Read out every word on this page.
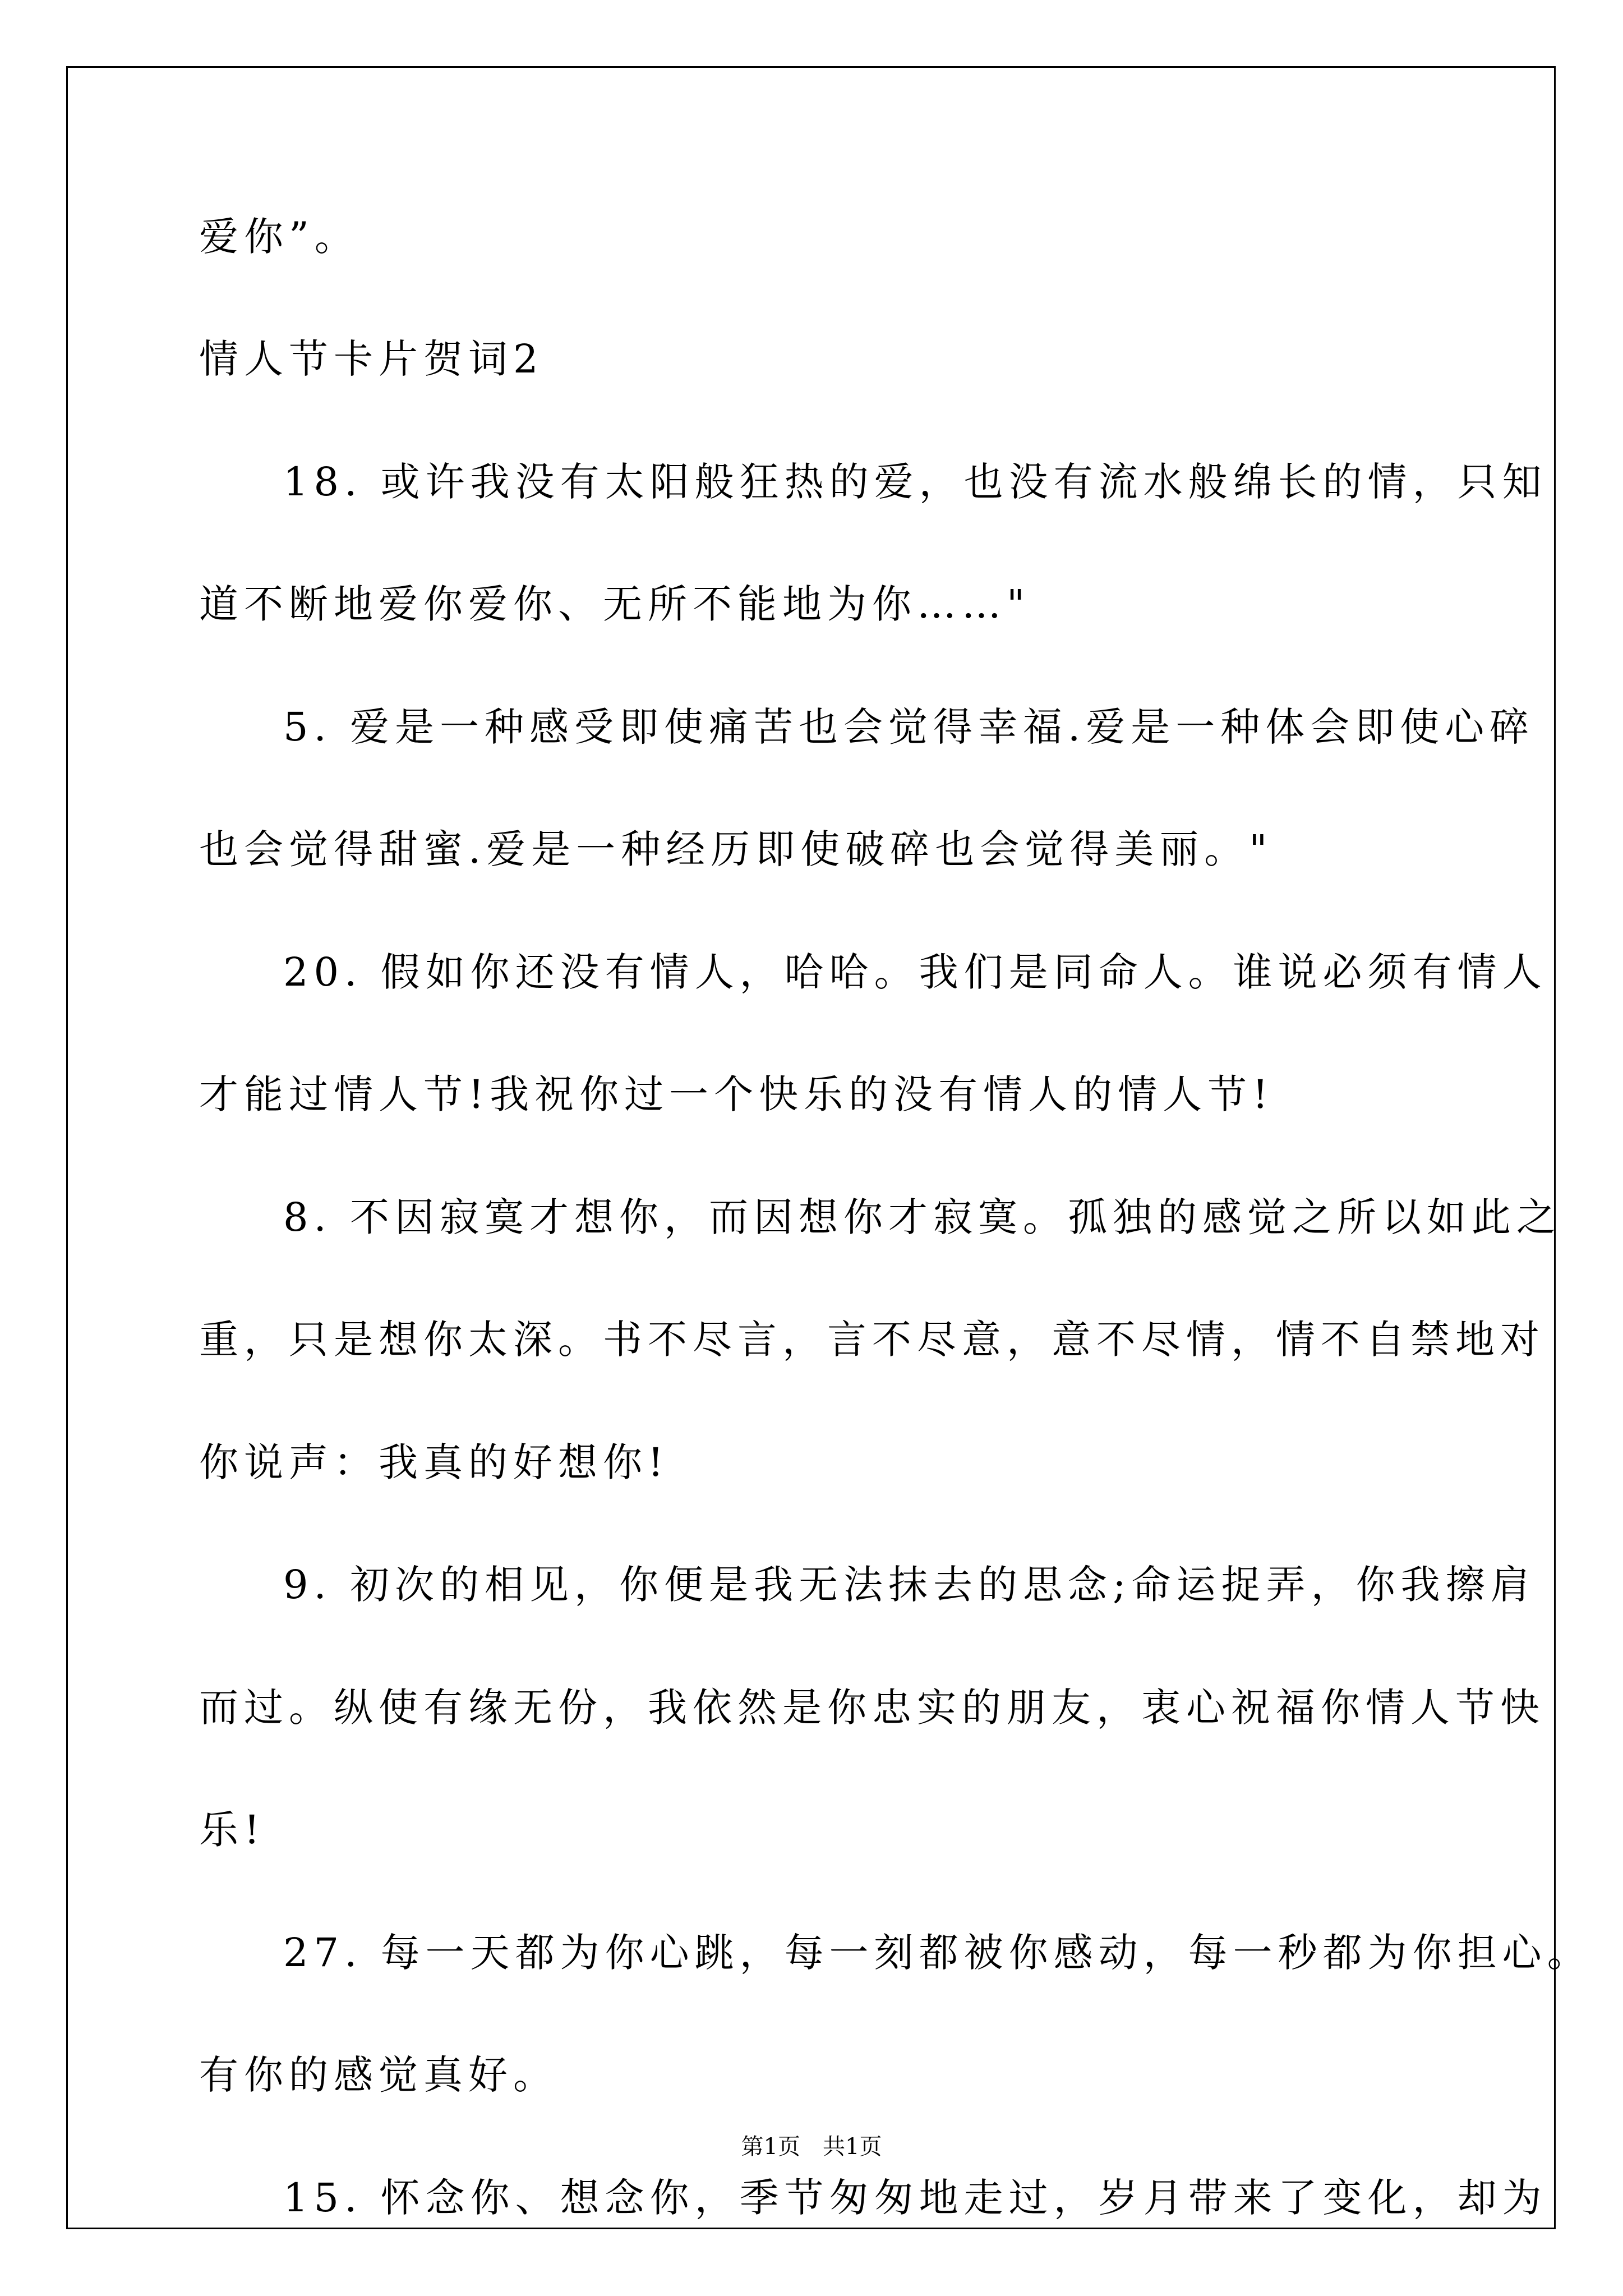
爱你”。
情人节卡片贺词2
18. 或许我没有太阳般狂热的爱，也没有流水般绵长的情，只知
道不断地爱你爱你、无所不能地为你……"
5. 爱是一种感受即使痛苦也会觉得幸福.爱是一种体会即使心碎
也会觉得甜蜜.爱是一种经历即使破碎也会觉得美丽。"
20. 假如你还没有情人，哈哈。我们是同命人。谁说必须有情人
才能过情人节!我祝你过一个快乐的没有情人的情人节!
8. 不因寂寞才想你，而因想你才寂寞。孤独的感觉之所以如此之
重，只是想你太深。书不尽言，言不尽意，意不尽情，情不自禁地对
你说声：我真的好想你!
9. 初次的相见，你便是我无法抹去的思念;命运捉弄，你我擦肩
而过。纵使有缘无份，我依然是你忠实的朋友，衷心祝福你情人节快
乐!
27. 每一天都为你心跳，每一刻都被你感动，每一秒都为你担心。
有你的感觉真好。
15. 怀念你、想念你，季节匆匆地走过，岁月带来了变化，却为
第1页　共1页
